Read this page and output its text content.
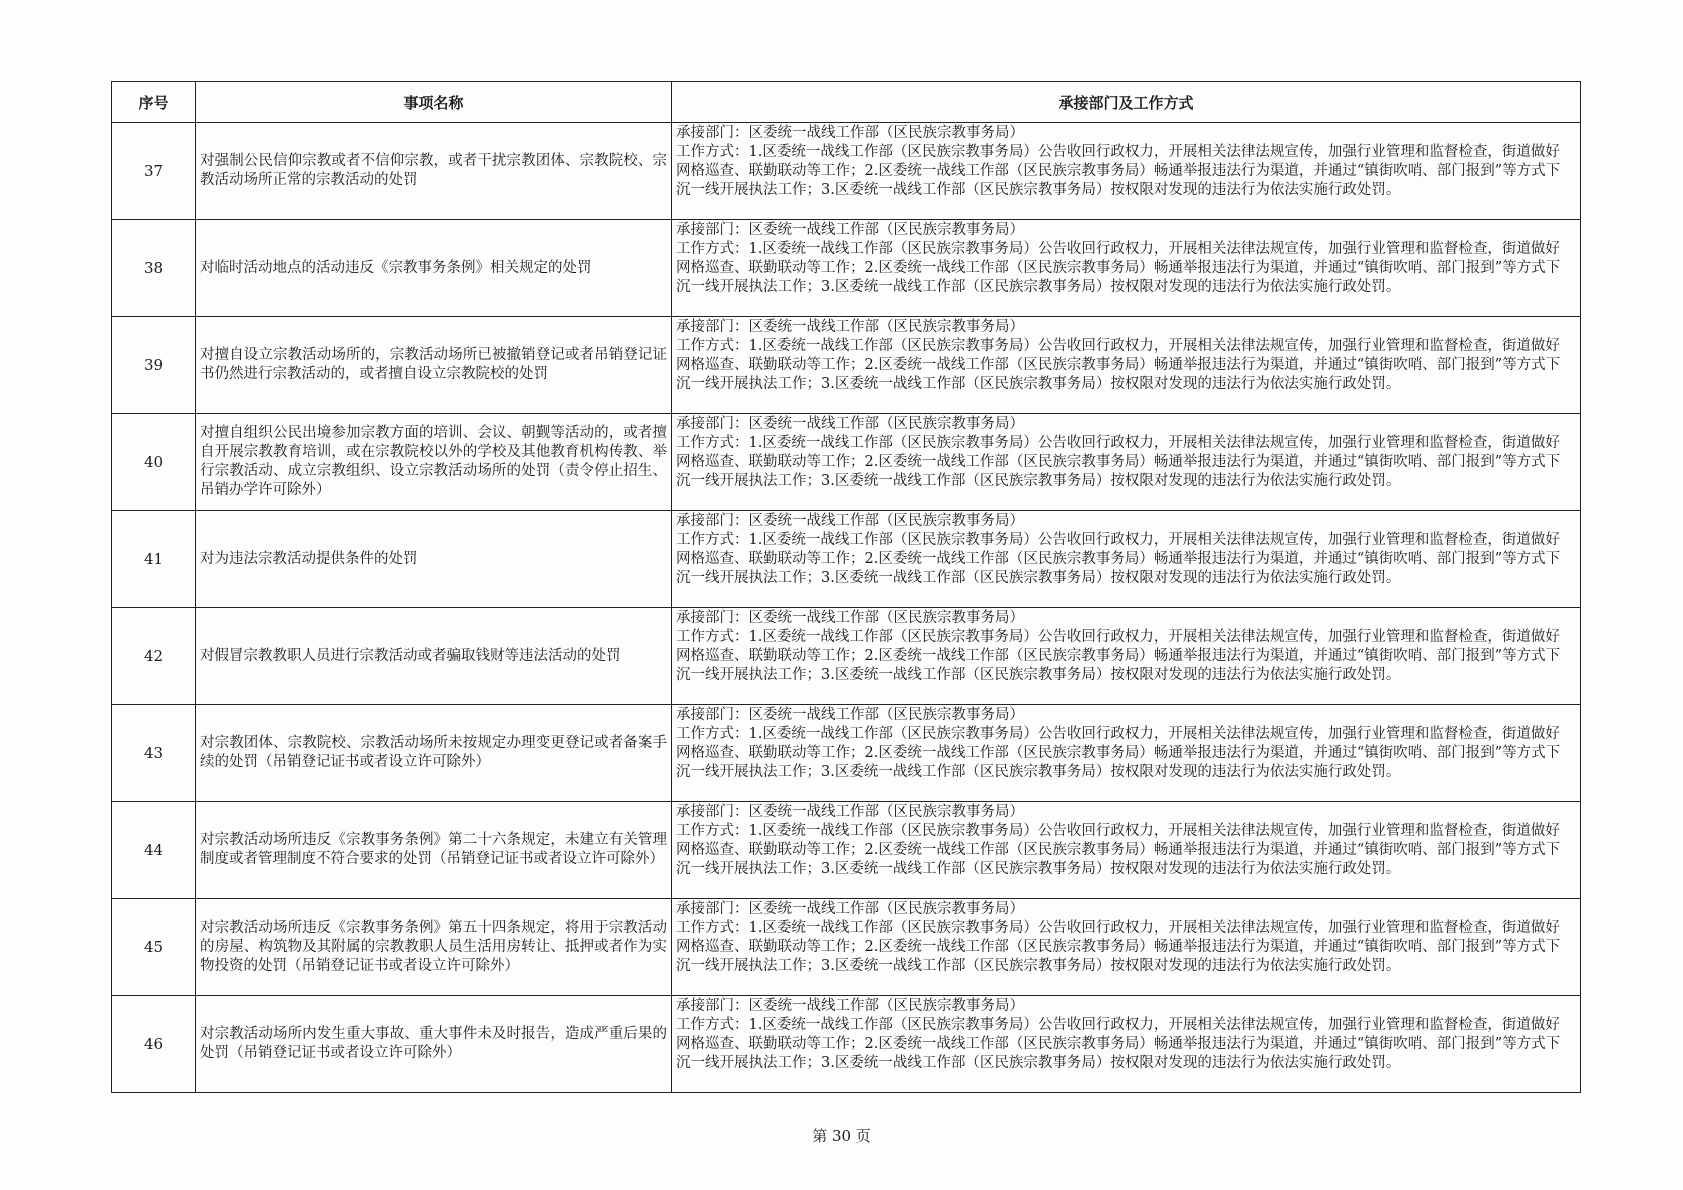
序号	事项名称	承接部门及工作方式
37	对强制公民信仰宗教或者不信仰宗教，或者干扰宗教团体、宗教院校、宗教活动场所正常的宗教活动的处罚	承接部门：区委统一战线工作部（区民族宗教事务局）
工作方式：1.区委统一战线工作部（区民族宗教事务局）公告收回行政权力，开展相关法律法规宣传，加强行业管理和监督检查，街道做好网格巡查、联勤联动等工作；2.区委统一战线工作部（区民族宗教事务局）畅通举报违法行为渠道，并通过“镇街吹哨、部门报到”等方式下沉一线开展执法工作；3.区委统一战线工作部（区民族宗教事务局）按权限对发现的违法行为依法实施行政处罚。

38	对临时活动地点的活动违反《宗教事务条例》相关规定的处罚	承接部门：区委统一战线工作部（区民族宗教事务局）
工作方式：1.区委统一战线工作部（区民族宗教事务局）公告收回行政权力，开展相关法律法规宣传，加强行业管理和监督检查，街道做好网格巡查、联勤联动等工作；2.区委统一战线工作部（区民族宗教事务局）畅通举报违法行为渠道，并通过“镇街吹哨、部门报到”等方式下沉一线开展执法工作；3.区委统一战线工作部（区民族宗教事务局）按权限对发现的违法行为依法实施行政处罚。

39	对擅自设立宗教活动场所的，宗教活动场所已被撤销登记或者吊销登记证书仍然进行宗教活动的，或者擅自设立宗教院校的处罚	承接部门：区委统一战线工作部（区民族宗教事务局）
工作方式：1.区委统一战线工作部（区民族宗教事务局）公告收回行政权力，开展相关法律法规宣传，加强行业管理和监督检查，街道做好网格巡查、联勤联动等工作；2.区委统一战线工作部（区民族宗教事务局）畅通举报违法行为渠道，并通过“镇街吹哨、部门报到”等方式下沉一线开展执法工作；3.区委统一战线工作部（区民族宗教事务局）按权限对发现的违法行为依法实施行政处罚。

40	对擅自组织公民出境参加宗教方面的培训、会议、朝觐等活动的，或者擅自开展宗教教育培训，或在宗教院校以外的学校及其他教育机构传教、举行宗教活动、成立宗教组织、设立宗教活动场所的处罚（责令停止招生、吊销办学许可除外）	承接部门：区委统一战线工作部（区民族宗教事务局）
工作方式：1.区委统一战线工作部（区民族宗教事务局）公告收回行政权力，开展相关法律法规宣传，加强行业管理和监督检查，街道做好网格巡查、联勤联动等工作；2.区委统一战线工作部（区民族宗教事务局）畅通举报违法行为渠道，并通过“镇街吹哨、部门报到”等方式下沉一线开展执法工作；3.区委统一战线工作部（区民族宗教事务局）按权限对发现的违法行为依法实施行政处罚。

41	对为违法宗教活动提供条件的处罚	承接部门：区委统一战线工作部（区民族宗教事务局）
工作方式：1.区委统一战线工作部（区民族宗教事务局）公告收回行政权力，开展相关法律法规宣传，加强行业管理和监督检查，街道做好网格巡查、联勤联动等工作；2.区委统一战线工作部（区民族宗教事务局）畅通举报违法行为渠道，并通过“镇街吹哨、部门报到”等方式下沉一线开展执法工作；3.区委统一战线工作部（区民族宗教事务局）按权限对发现的违法行为依法实施行政处罚。

42	对假冒宗教教职人员进行宗教活动或者骗取钱财等违法活动的处罚	承接部门：区委统一战线工作部（区民族宗教事务局）
工作方式：1.区委统一战线工作部（区民族宗教事务局）公告收回行政权力，开展相关法律法规宣传，加强行业管理和监督检查，街道做好网格巡查、联勤联动等工作；2.区委统一战线工作部（区民族宗教事务局）畅通举报违法行为渠道，并通过“镇街吹哨、部门报到”等方式下沉一线开展执法工作；3.区委统一战线工作部（区民族宗教事务局）按权限对发现的违法行为依法实施行政处罚。

43	对宗教团体、宗教院校、宗教活动场所未按规定办理变更登记或者备案手续的处罚（吊销登记证书或者设立许可除外）	承接部门：区委统一战线工作部（区民族宗教事务局）
工作方式：1.区委统一战线工作部（区民族宗教事务局）公告收回行政权力，开展相关法律法规宣传，加强行业管理和监督检查，街道做好网格巡查、联勤联动等工作；2.区委统一战线工作部（区民族宗教事务局）畅通举报违法行为渠道，并通过“镇街吹哨、部门报到”等方式下沉一线开展执法工作；3.区委统一战线工作部（区民族宗教事务局）按权限对发现的违法行为依法实施行政处罚。

44	对宗教活动场所违反《宗教事务条例》第二十六条规定，未建立有关管理制度或者管理制度不符合要求的处罚（吊销登记证书或者设立许可除外）	承接部门：区委统一战线工作部（区民族宗教事务局）
工作方式：1.区委统一战线工作部（区民族宗教事务局）公告收回行政权力，开展相关法律法规宣传，加强行业管理和监督检查，街道做好网格巡查、联勤联动等工作；2.区委统一战线工作部（区民族宗教事务局）畅通举报违法行为渠道，并通过“镇街吹哨、部门报到”等方式下沉一线开展执法工作；3.区委统一战线工作部（区民族宗教事务局）按权限对发现的违法行为依法实施行政处罚。

45	对宗教活动场所违反《宗教事务条例》第五十四条规定，将用于宗教活动的房屋、构筑物及其附属的宗教教职人员生活用房转让、抵押或者作为实物投资的处罚（吊销登记证书或者设立许可除外）	承接部门：区委统一战线工作部（区民族宗教事务局）
工作方式：1.区委统一战线工作部（区民族宗教事务局）公告收回行政权力，开展相关法律法规宣传，加强行业管理和监督检查，街道做好网格巡查、联勤联动等工作；2.区委统一战线工作部（区民族宗教事务局）畅通举报违法行为渠道，并通过“镇街吹哨、部门报到”等方式下沉一线开展执法工作；3.区委统一战线工作部（区民族宗教事务局）按权限对发现的违法行为依法实施行政处罚。

46	对宗教活动场所内发生重大事故、重大事件未及时报告，造成严重后果的处罚（吊销登记证书或者设立许可除外）	承接部门：区委统一战线工作部（区民族宗教事务局）
工作方式：1.区委统一战线工作部（区民族宗教事务局）公告收回行政权力，开展相关法律法规宣传，加强行业管理和监督检查，街道做好网格巡查、联勤联动等工作；2.区委统一战线工作部（区民族宗教事务局）畅通举报违法行为渠道，并通过“镇街吹哨、部门报到”等方式下沉一线开展执法工作；3.区委统一战线工作部（区民族宗教事务局）按权限对发现的违法行为依法实施行政处罚。
第 30 页
